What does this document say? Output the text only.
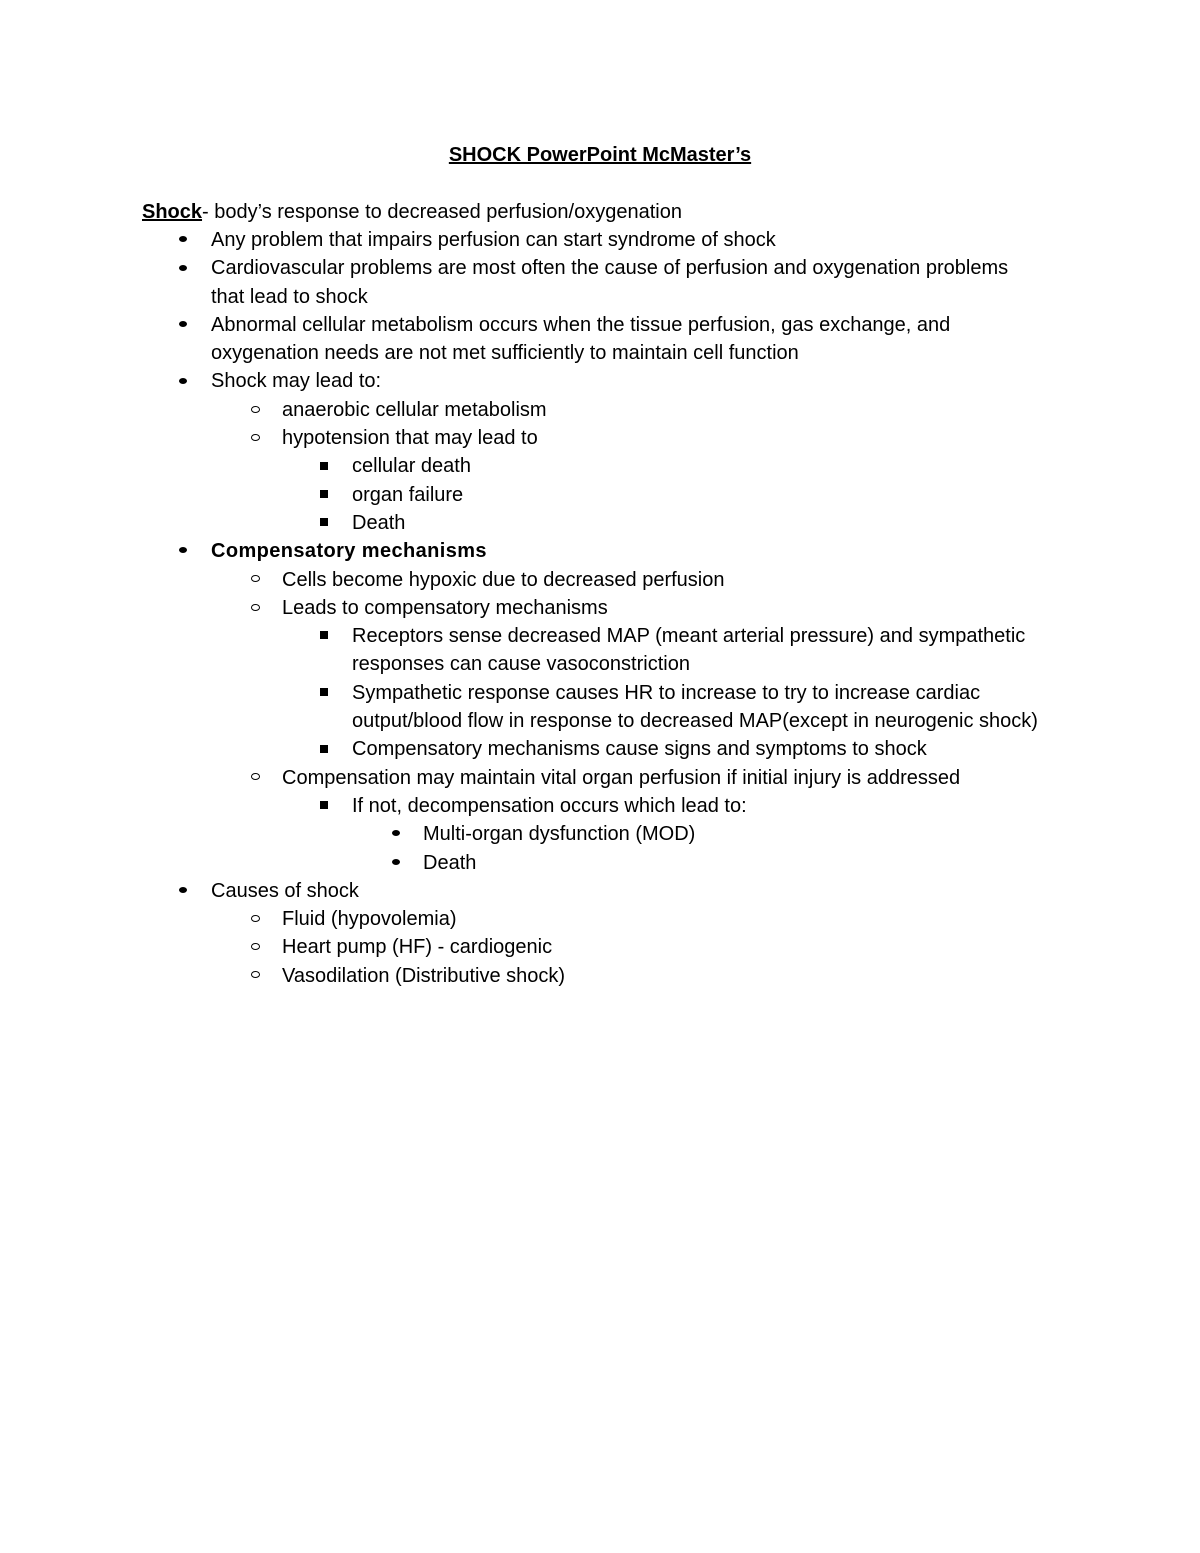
SHOCK PowerPoint McMaster’s
Shock- body’s response to decreased perfusion/oxygenation
Any problem that impairs perfusion can start syndrome of shock
Cardiovascular problems are most often the cause of perfusion and oxygenation problems that lead to shock
Abnormal cellular metabolism occurs when the tissue perfusion, gas exchange, and oxygenation needs are not met sufficiently to maintain cell function
Shock may lead to:
anaerobic cellular metabolism
hypotension that may lead to
cellular death
organ failure
Death
Compensatory mechanisms
Cells become hypoxic due to decreased perfusion
Leads to compensatory mechanisms
Receptors sense decreased MAP (meant arterial pressure) and sympathetic responses can cause vasoconstriction
Sympathetic response causes HR to increase to try to increase cardiac output/blood flow in response to decreased MAP(except in neurogenic shock)
Compensatory mechanisms cause signs and symptoms to shock
Compensation may maintain vital organ perfusion if initial injury is addressed
If not, decompensation occurs which lead to:
Multi-organ dysfunction (MOD)
Death
Causes of shock
Fluid (hypovolemia)
Heart pump (HF) - cardiogenic
Vasodilation (Distributive shock)
